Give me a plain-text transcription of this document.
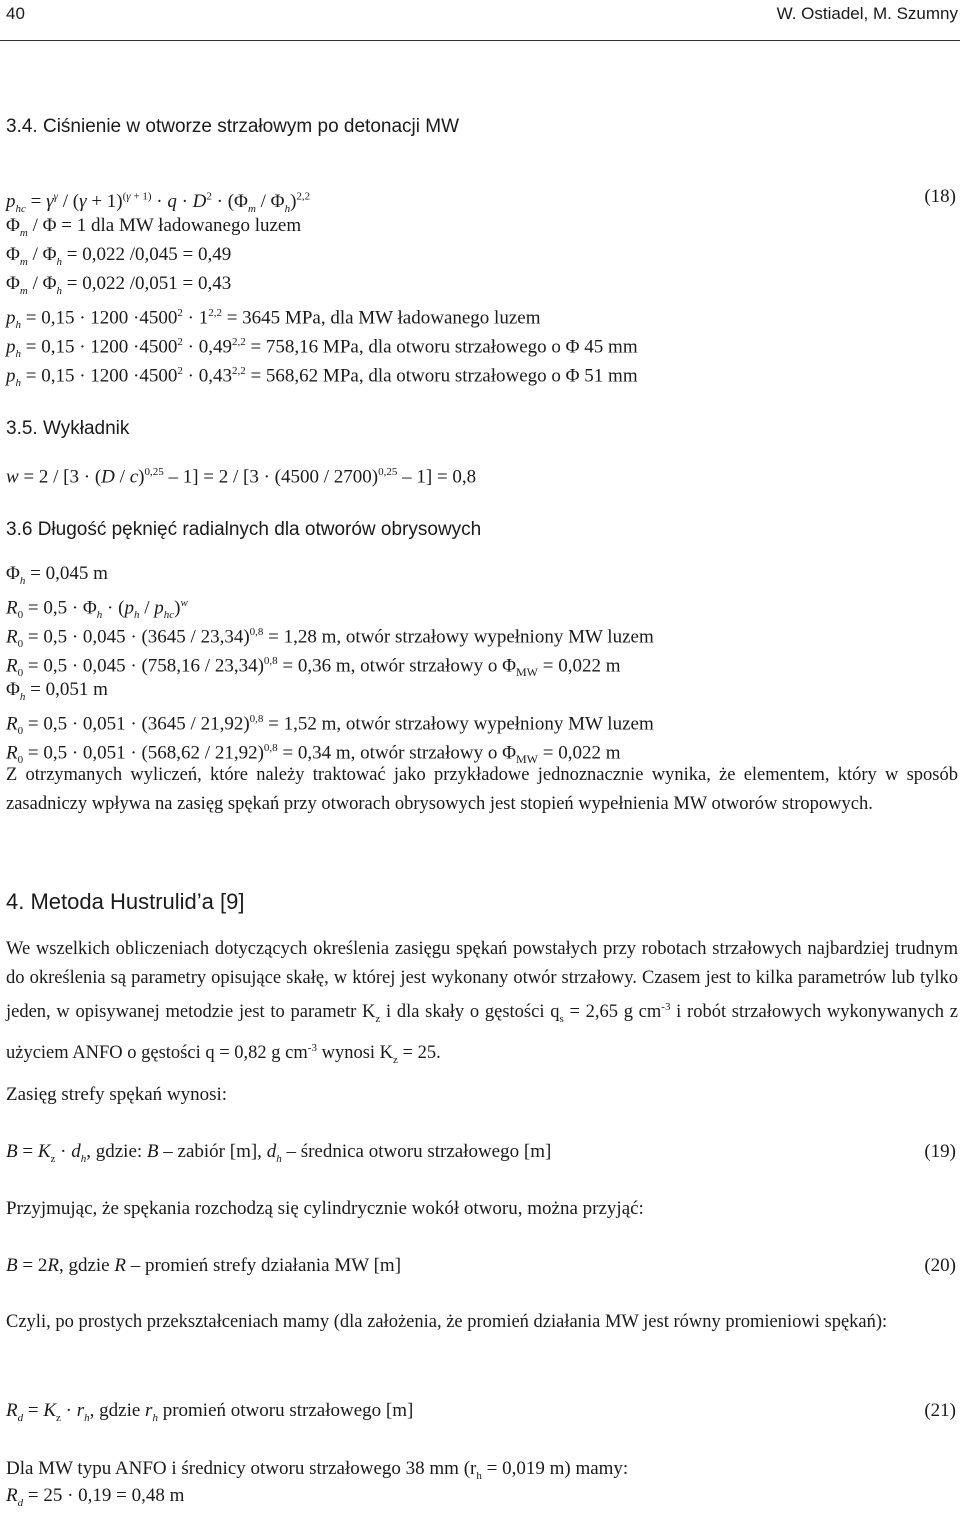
40	W. Ostiadel, M. Szumny
3.4. Ciśnienie w otworze strzałowym po detonacji MW
$p_{hc} = \gamma^\gamma / (\gamma + 1)^{(\gamma + 1)} \cdot q \cdot D^2 \cdot (\Phi_m / \Phi_h)^{2,2}$	(18)
$\Phi_m / \Phi = 1$ dla MW ładowanego luzem
$\Phi_m / \Phi_h = 0,022$ /0,045 = 0,49
$\Phi_m / \Phi_h = 0,022$ /0,051 = 0,43
$p_h = 0,15 \cdot 1200 \cdot 4500^2 \cdot 1^{2,2} = 3645$ MPa, dla MW ładowanego luzem
$p_h = 0,15 \cdot 1200 \cdot 4500^2 \cdot 0,49^{2,2} = 758,16$ MPa, dla otworu strzałowego o Φ 45 mm
$p_h = 0,15 \cdot 1200 \cdot 4500^2 \cdot 0,43^{2,2} = 568,62$ MPa, dla otworu strzałowego o Φ 51 mm
3.5. Wykładnik
w = 2 / [3 · (D / c)$^{0,25}$ – 1] = 2 / [3 · (4500 / 2700)$^{0,25}$ – 1] = 0,8
3.6 Długość pęknięć radialnych dla otworów obrysowych
$\Phi_h = 0,045$ m
$R_0 = 0,5 \cdot \Phi_h \cdot (p_h / p_{hc})^w$
$R_0 = 0,5 \cdot 0,045 \cdot (3645 / 23,34)^{0,8} = 1,28$ m, otwór strzałowy wypełniony MW luzem
$R_0 = 0,5 \cdot 0,045 \cdot (758,16 / 23,34)^{0,8} = 0,36$ m, otwór strzałowy o $\Phi_{MW} = 0,022$ m
$\Phi_h = 0,051$ m
$R_0 = 0,5 \cdot 0,051 \cdot (3645 / 21,92)^{0,8} = 1,52$ m, otwór strzałowy wypełniony MW luzem
$R_0 = 0,5 \cdot 0,051 \cdot (568,62 / 21,92)^{0,8} = 0,34$ m, otwór strzałowy o $\Phi_{MW} = 0,022$ m
Z otrzymanych wyliczeń, które należy traktować jako przykładowe jednoznacznie wynika, że elementem, który w sposób zasadniczy wpływa na zasięg spękań przy otworach obrysowych jest stopień wypełnienia MW otworów stropowych.
4. Metoda Hustrulid’a [9]
We wszelkich obliczeniach dotyczących określenia zasięgu spękań powstałych przy robotach strzałowych najbardziej trudnym do określenia są parametry opisujące skałę, w której jest wykonany otwór strzałowy. Czasem jest to kilka parametrów lub tylko jeden, w opisywanej metodzie jest to parametr $K_z$ i dla skały o gęstości $q_s = 2,65$ g $cm^{-3}$ i robót strzałowych wykonywanych z użyciem ANFO o gęstości q = 0,82 g $cm^{-3}$ wynosi $K_z = 25$.
Zasięg strefy spękań wynosi:
$B = K_z \cdot d_h$, gdzie: B – zabiór [m], $d_h$ – średnica otworu strzałowego [m]	(19)
Przyjmując, że spękania rozchodzą się cylindrycznie wokół otworu, można przyjąć:
B = 2R, gdzie R – promień strefy działania MW [m]	(20)
Czyli, po prostych przekształceniach mamy (dla założenia, że promień działania MW jest równy promieniowi spękań):
$R_d = K_z \cdot r_h$, gdzie $r_h$ promień otworu strzałowego [m]	(21)
Dla MW typu ANFO i średnicy otworu strzałowego 38 mm ($r_h = 0,019$ m) mamy:
$R_d = 25 \cdot 0,19 = 0,48$ m
